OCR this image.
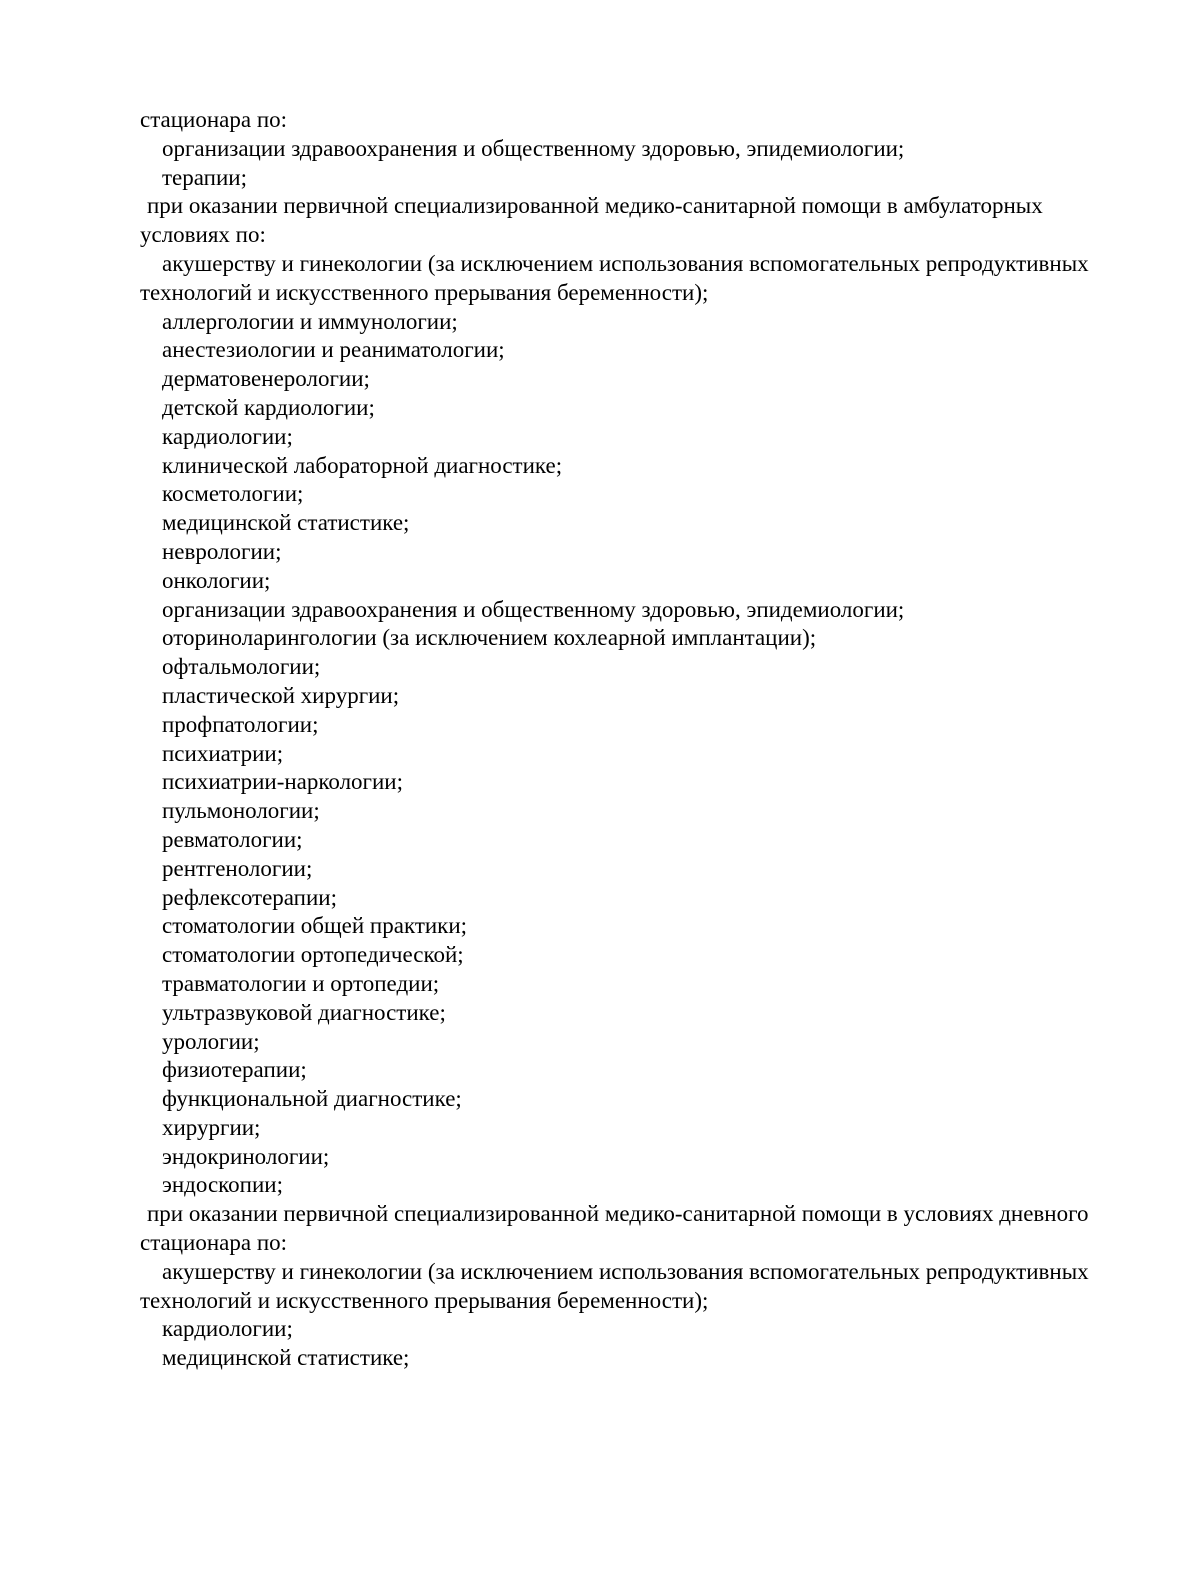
стационара по:
организации здравоохранения и общественному здоровью, эпидемиологии;
терапии;
при оказании первичной специализированной медико-санитарной помощи в амбулаторных
условиях по:
акушерству и гинекологии (за исключением использования вспомогательных репродуктивных
технологий и искусственного прерывания беременности);
аллергологии и иммунологии;
анестезиологии и реаниматологии;
дерматовенерологии;
детской кардиологии;
кардиологии;
клинической лабораторной диагностике;
косметологии;
медицинской статистике;
неврологии;
онкологии;
организации здравоохранения и общественному здоровью, эпидемиологии;
оториноларингологии (за исключением кохлеарной имплантации);
офтальмологии;
пластической хирургии;
профпатологии;
психиатрии;
психиатрии-наркологии;
пульмонологии;
ревматологии;
рентгенологии;
рефлексотерапии;
стоматологии общей практики;
стоматологии ортопедической;
травматологии и ортопедии;
ультразвуковой диагностике;
урологии;
физиотерапии;
функциональной диагностике;
хирургии;
эндокринологии;
эндоскопии;
при оказании первичной специализированной медико-санитарной помощи в условиях дневного
стационара по:
акушерству и гинекологии (за исключением использования вспомогательных репродуктивных
технологий и искусственного прерывания беременности);
кардиологии;
медицинской статистике;
